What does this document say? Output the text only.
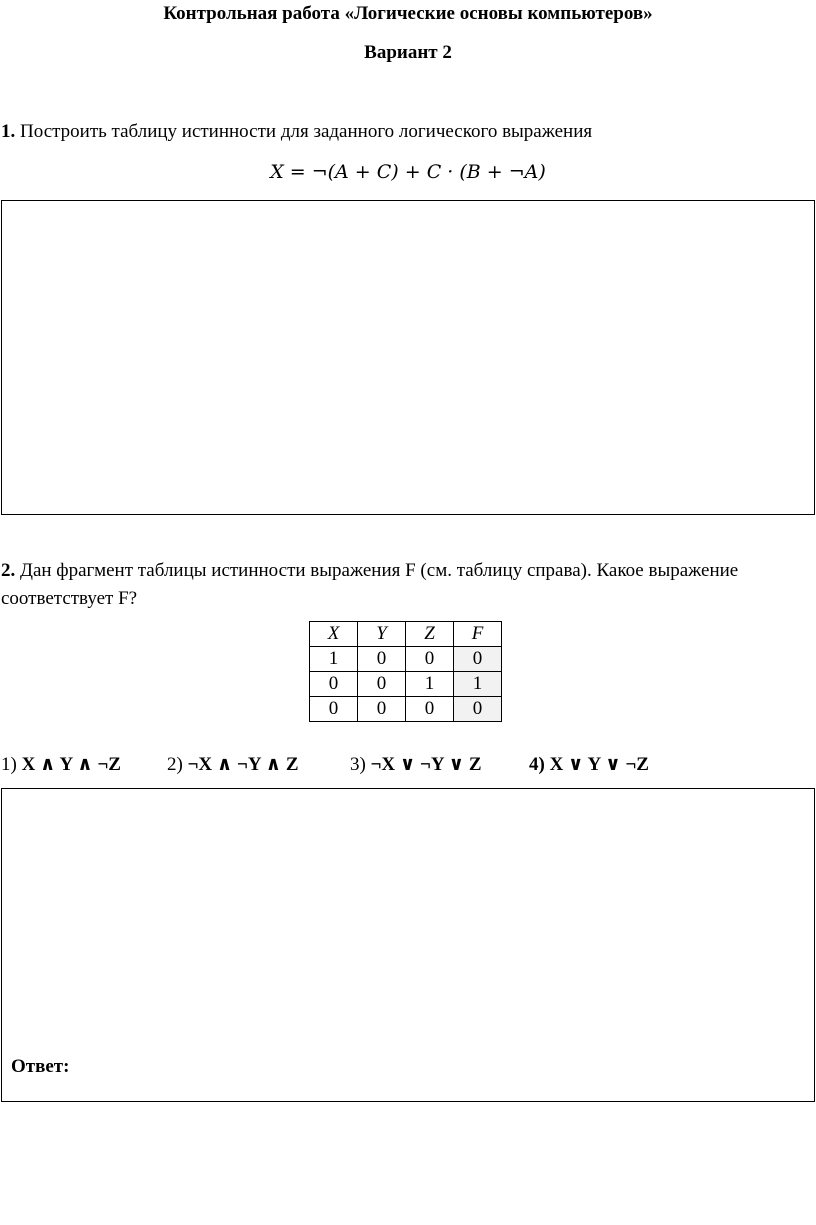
Контрольная работа «Логические основы компьютеров»
Вариант 2
1. Построить таблицу истинности для заданного логического выражения
X = ¬(A + C) + C · (B + ¬A)
2. Дан фрагмент таблицы истинности выражения F (см. таблицу справа). Какое выражение соответствует F?
X	Y	Z	F
1	0	0	0
0	0	1	1
0	0	0	0
1) X ∧ Y ∧ ¬Z 2) ¬X ∧ ¬Y ∧ Z	3) ¬X ∨ ¬Y ∨ Z	4) X ∨ Y ∨ ¬Z
Ответ:
